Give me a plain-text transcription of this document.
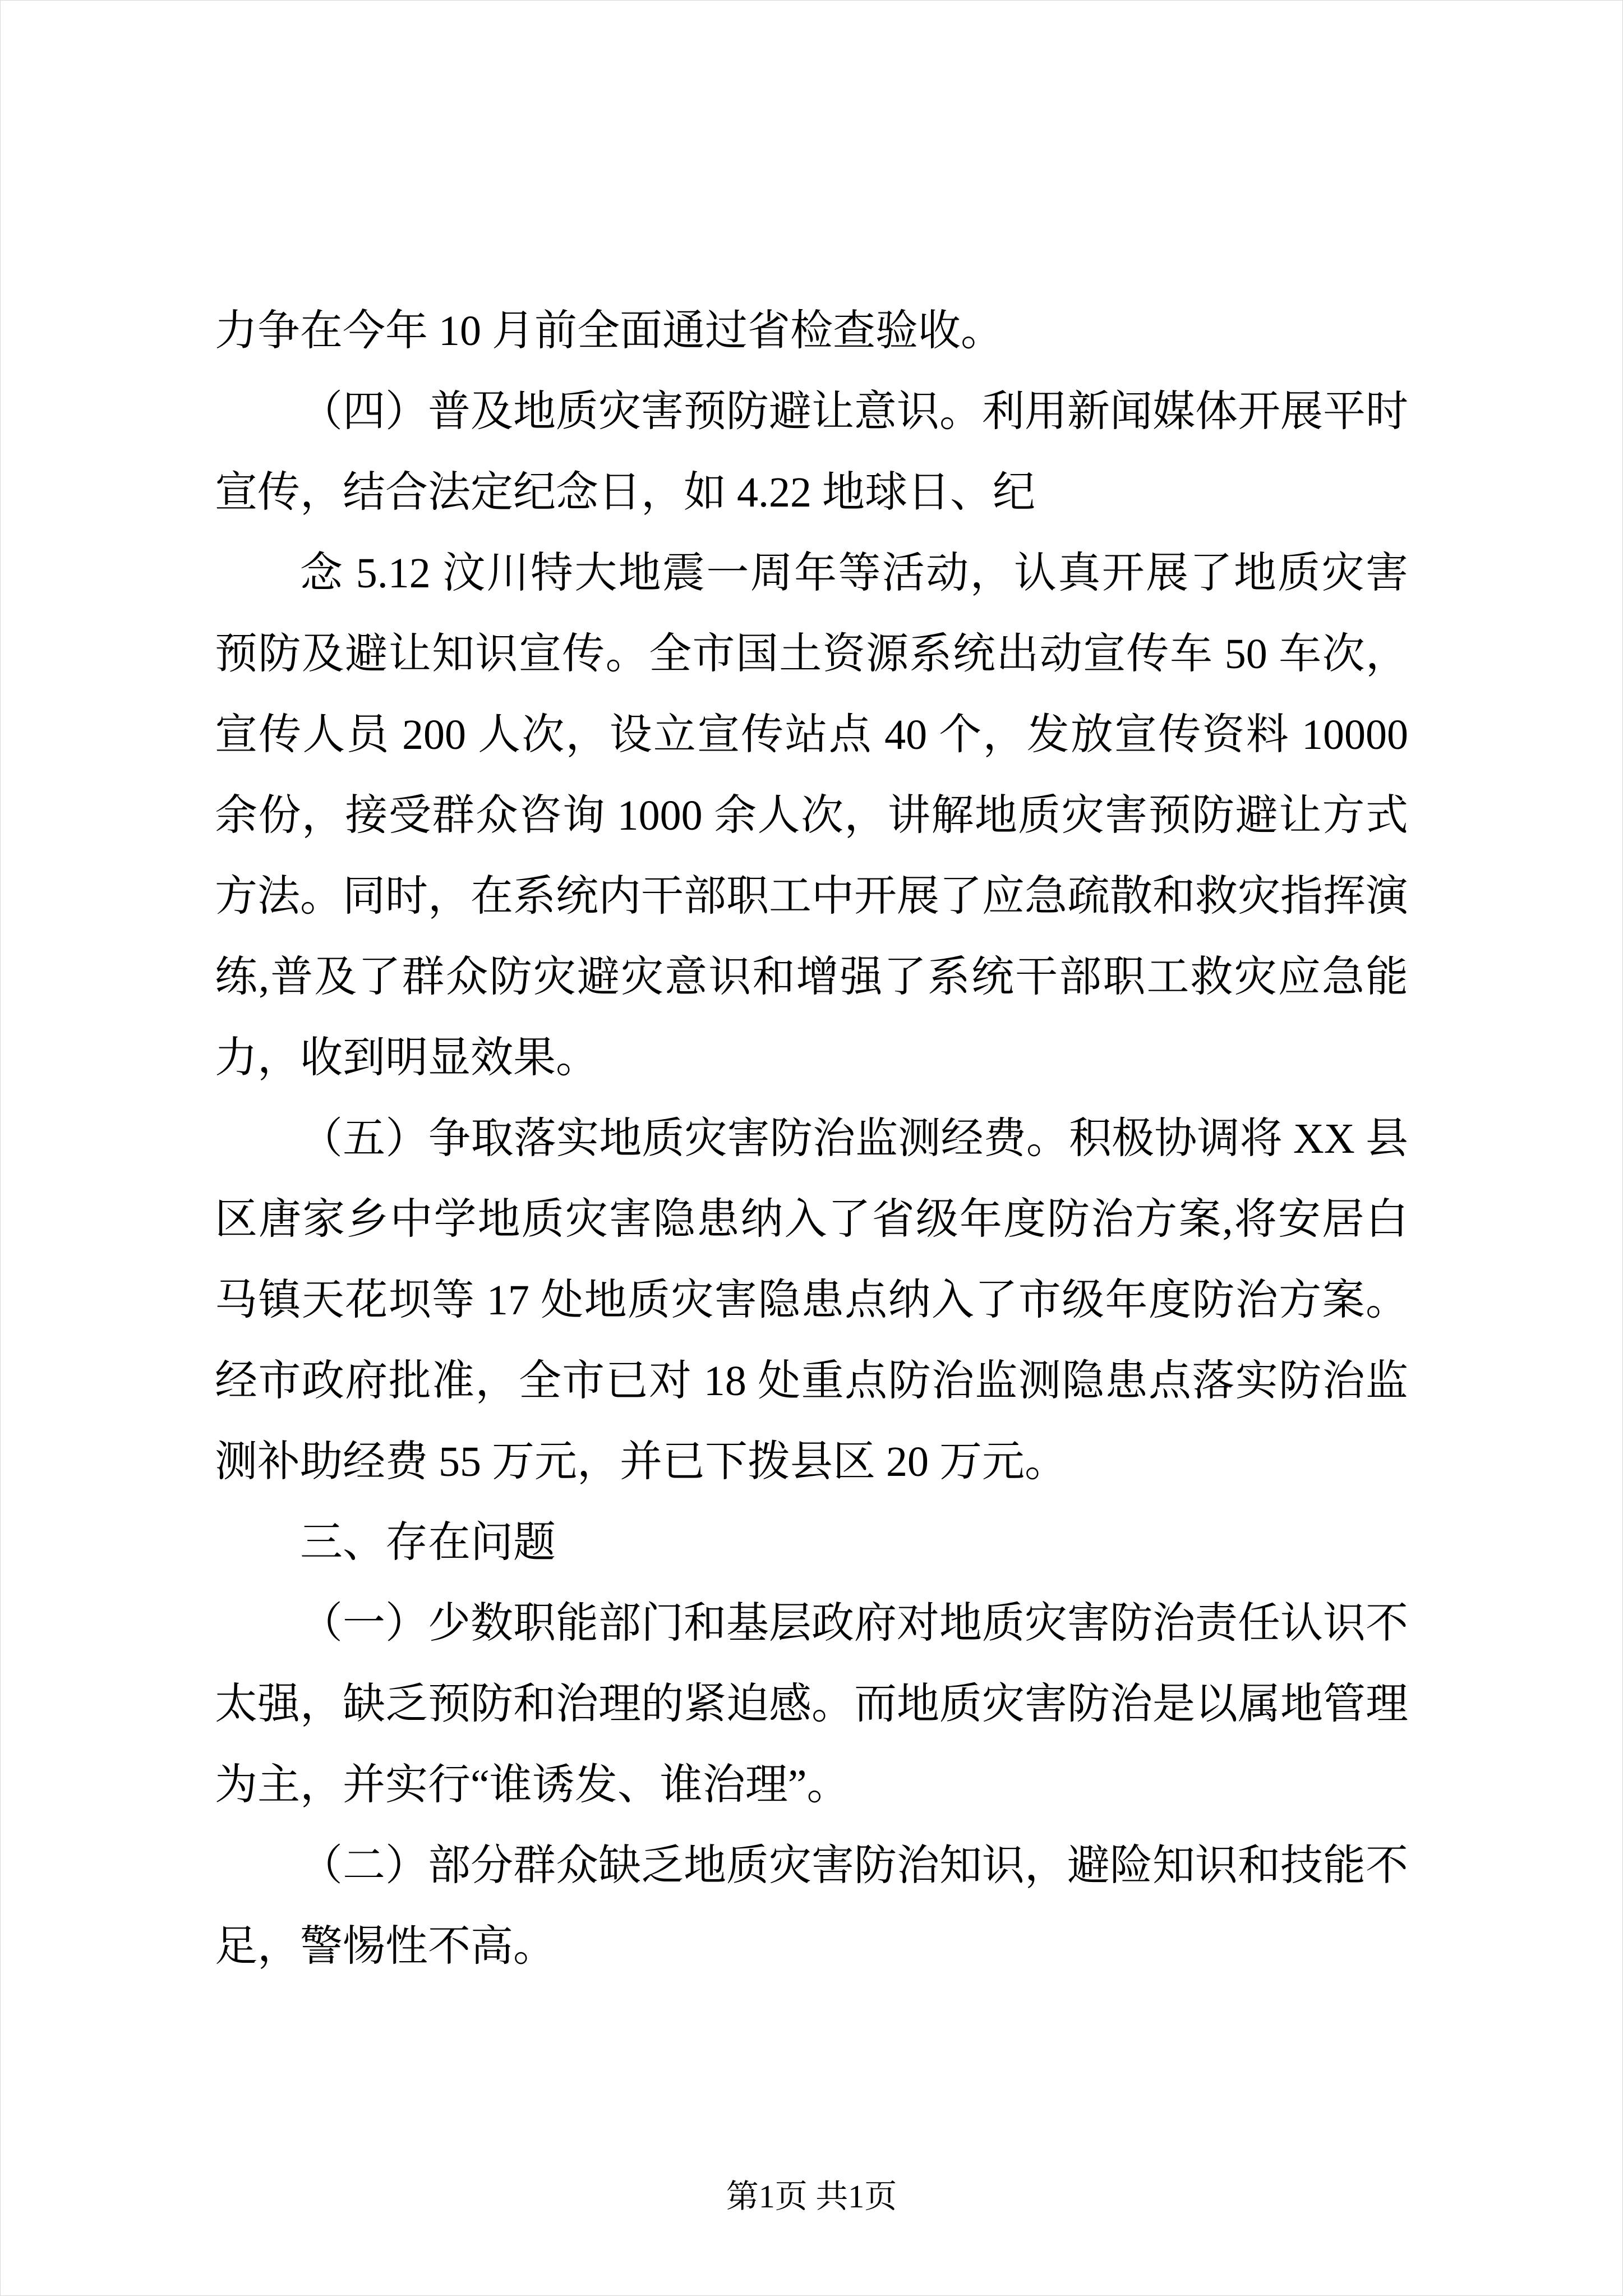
力争在今年 10 月前全面通过省检查验收。
（四）普及地质灾害预防避让意识。利用新闻媒体开展平时
宣传，结合法定纪念日，如 4.22 地球日、纪
念 5.12 汶川特大地震一周年等活动，认真开展了地质灾害
预防及避让知识宣传。全市国土资源系统出动宣传车 50 车次，
宣传人员 200 人次，设立宣传站点 40 个，发放宣传资料 10000
余份，接受群众咨询 1000 余人次，讲解地质灾害预防避让方式
方法。同时，在系统内干部职工中开展了应急疏散和救灾指挥演
练,普及了群众防灾避灾意识和增强了系统干部职工救灾应急能
力，收到明显效果。
（五）争取落实地质灾害防治监测经费。积极协调将 XX 县
区唐家乡中学地质灾害隐患纳入了省级年度防治方案,将安居白
马镇天花坝等 17 处地质灾害隐患点纳入了市级年度防治方案。
经市政府批准，全市已对 18 处重点防治监测隐患点落实防治监
测补助经费 55 万元，并已下拨县区 20 万元。
三、存在问题
（一）少数职能部门和基层政府对地质灾害防治责任认识不
太强，缺乏预防和治理的紧迫感。而地质灾害防治是以属地管理
为主，并实行“谁诱发、谁治理”。
（二）部分群众缺乏地质灾害防治知识，避险知识和技能不
足，警惕性不高。
第1页 共1页
